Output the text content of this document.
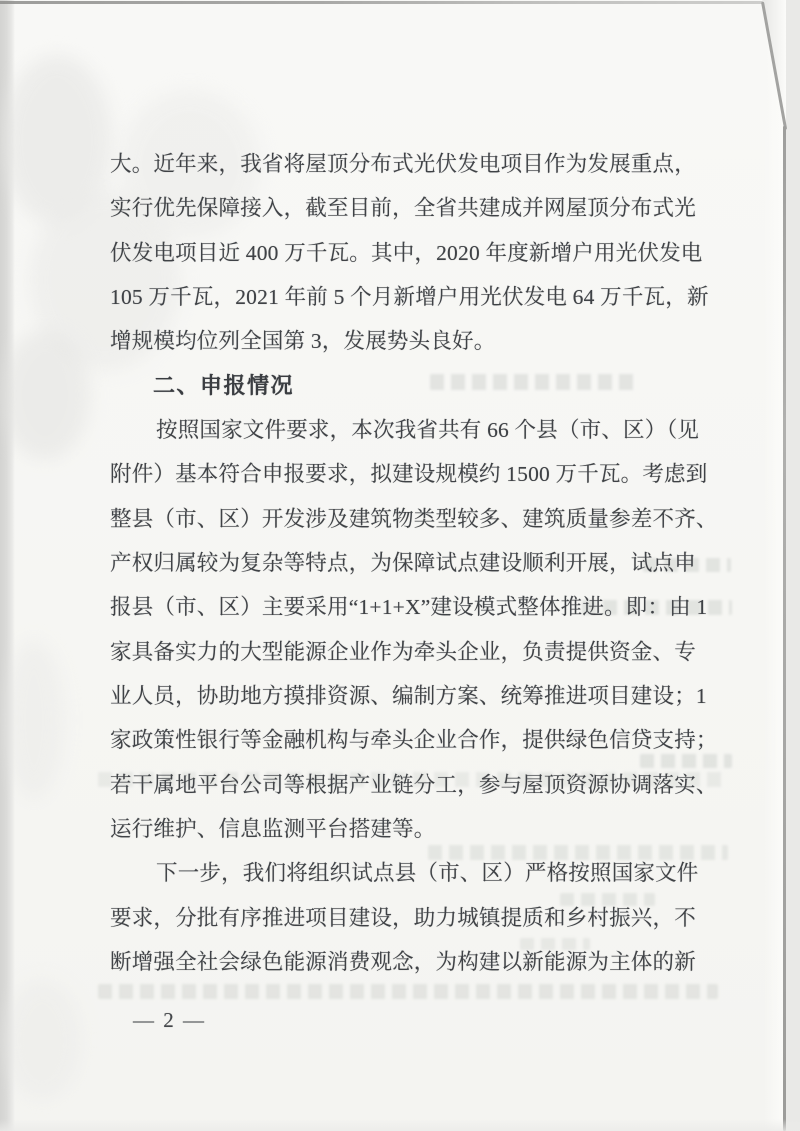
大。近年来，我省将屋顶分布式光伏发电项目作为发展重点，
实行优先保障接入，截至目前，全省共建成并网屋顶分布式光
伏发电项目近 400 万千瓦。其中，2020 年度新增户用光伏发电
105 万千瓦，2021 年前 5 个月新增户用光伏发电 64 万千瓦，新
增规模均位列全国第 3，发展势头良好。
二、申报情况
按照国家文件要求，本次我省共有 66 个县（市、区）（见
附件）基本符合申报要求，拟建设规模约 1500 万千瓦。考虑到
整县（市、区）开发涉及建筑物类型较多、建筑质量参差不齐、
产权归属较为复杂等特点，为保障试点建设顺利开展，试点申
报县（市、区）主要采用“1+1+X”建设模式整体推进。即：由 1
家具备实力的大型能源企业作为牵头企业，负责提供资金、专
业人员，协助地方摸排资源、编制方案、统筹推进项目建设；1
家政策性银行等金融机构与牵头企业合作，提供绿色信贷支持；
若干属地平台公司等根据产业链分工，参与屋顶资源协调落实、
运行维护、信息监测平台搭建等。
下一步，我们将组织试点县（市、区）严格按照国家文件
要求，分批有序推进项目建设，助力城镇提质和乡村振兴，不
断增强全社会绿色能源消费观念，为构建以新能源为主体的新
— 2 —
